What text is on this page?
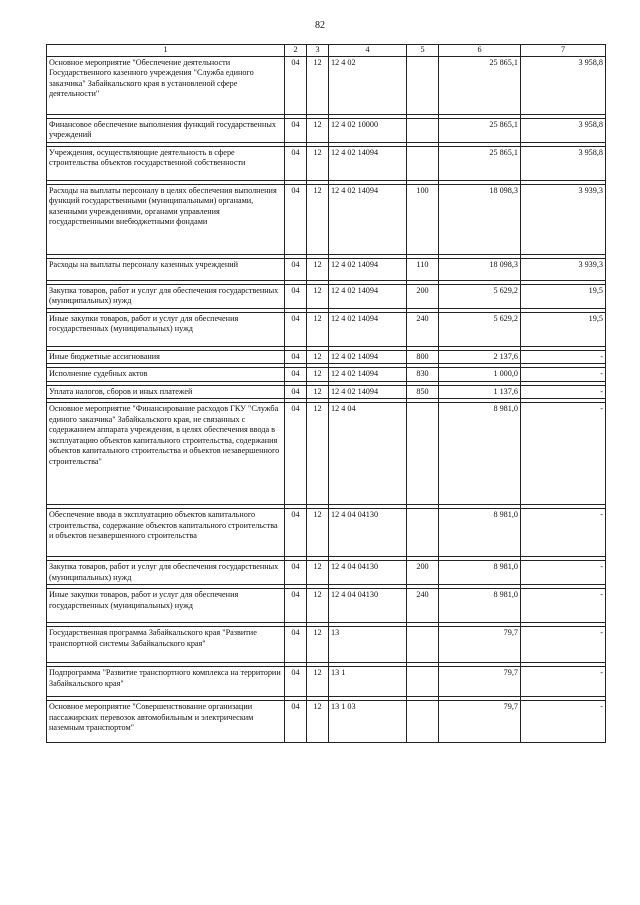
82
1	2	3	4	5	6	7
Основное мероприятие "Обеспечение деятельности Государственного казенного учреждения "Служба единого заказчика" Забайкальского края в установленой сфере деятельности"	04	12	12 4 02		25 865,1	3 958,8

Финансовое обеспечение выполнения функций государственных учреждений	04	12	12 4 02 10000		25 865,1	3 958,8

Учреждения, осуществляющие деятельность в сфере строительства объектов государственной собственности	04	12	12 4 02 14094		25 865,1	3 958,8

Расходы на выплаты персоналу в целях обеспечения выполнения функций государственными (муниципальными) органами, казенными учреждениями, органами управления государственными внебюджетными фондами	04	12	12 4 02 14094	100	18 098,3	3 939,3

Расходы на выплаты персоналу казенных учреждений	04	12	12 4 02 14094	110	18 098,3	3 939,3

Закупка товаров, работ и услуг для обеспечения государственных (муниципальных) нужд	04	12	12 4 02 14094	200	5 629,2	19,5

Иные закупки товаров, работ и услуг для обеспечения государственных (муниципальных) нужд	04	12	12 4 02 14094	240	5 629,2	19,5

Иные бюджетные ассигнования	04	12	12 4 02 14094	800	2 137,6	-

Исполнение судебных актов	04	12	12 4 02 14094	830	1 000,0	-

Уплата налогов, сборов и иных платежей	04	12	12 4 02 14094	850	1 137,6	-

Основное мероприятие "Финансирование расходов ГКУ "Служба единого заказчика" Забайкальского края, не связанных с содержанием аппарата учреждения, в целях обеспечения ввода в эксплуатацию объектов капитального строительства, содержания объектов капитального строительства и объектов незавершенного строительства"	04	12	12 4 04		8 981,0	-

Обеспечение ввода в эксплуатацию объектов капитального строительства, содержание объектов капитального строительства и объектов незавершенного строительства	04	12	12 4 04 04130		8 981,0	-

Закупка товаров, работ и услуг для обеспечения государственных (муниципальных) нужд	04	12	12 4 04 04130	200	8 981,0	-

Иные закупки товаров, работ и услуг для обеспечения государственных (муниципальных) нужд	04	12	12 4 04 04130	240	8 981,0	-

Государственная программа Забайкальского края "Развитие транспортной системы Забайкальского края"	04	12	13		79,7	-

Подпрограмма "Развитие транспортного комплекса на территории Забайкальского края"	04	12	13 1		79,7	-

Основное мероприятие "Совершенствование организации пассажирских перевозок автомобильным и электрическим наземным транспортом"	04	12	13 1 03		79,7	-
